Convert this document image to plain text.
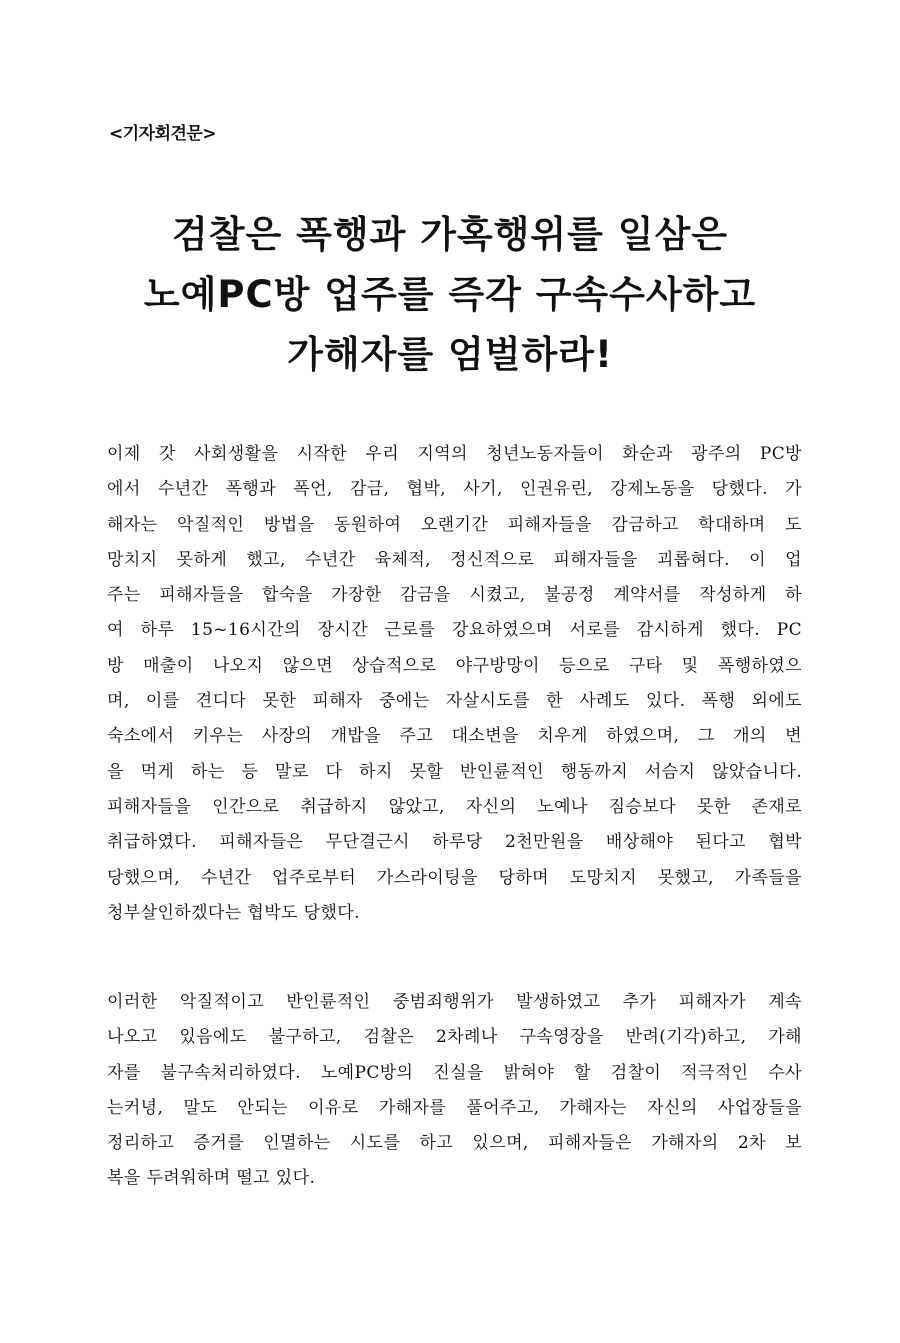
<기자회견문>
검찰은 폭행과 가혹행위를 일삼은
노예PC방 업주를 즉각 구속수사하고
가해자를 엄벌하라!
이제 갓 사회생활을 시작한 우리 지역의 청년노동자들이 화순과 광주의 PC방
에서 수년간 폭행과 폭언, 감금, 협박, 사기, 인권유린, 강제노동을 당했다. 가
해자는 악질적인 방법을 동원하여 오랜기간 피해자들을 감금하고 학대하며 도
망치지 못하게 했고, 수년간 육체적, 정신적으로 피해자들을 괴롭혀다. 이 업
주는 피해자들을 합숙을 가장한 감금을 시켰고, 불공정 계약서를 작성하게 하
여 하루 15~16시간의 장시간 근로를 강요하였으며 서로를 감시하게 했다. PC
방 매출이 나오지 않으면 상습적으로 야구방망이 등으로 구타 및 폭행하였으
며, 이를 견디다 못한 피해자 중에는 자살시도를 한 사례도 있다. 폭행 외에도
숙소에서 키우는 사장의 개밥을 주고 대소변을 치우게 하였으며, 그 개의 변
을 먹게 하는 등 말로 다 하지 못할 반인륜적인 행동까지 서슴지 않았습니다.
피해자들을 인간으로 취급하지 않았고, 자신의 노예나 짐승보다 못한 존재로
취급하였다. 피해자들은 무단결근시 하루당 2천만원을 배상해야 된다고 협박
당했으며, 수년간 업주로부터 가스라이팅을 당하며 도망치지 못했고, 가족들을
청부살인하겠다는 협박도 당했다.
이러한 악질적이고 반인륜적인 중범죄행위가 발생하였고 추가 피해자가 계속
나오고 있음에도 불구하고, 검찰은 2차례나 구속영장을 반려(기각)하고, 가해
자를 불구속처리하였다. 노예PC방의 진실을 밝혀야 할 검찰이 적극적인 수사
는커녕, 말도 안되는 이유로 가해자를 풀어주고, 가해자는 자신의 사업장들을
정리하고 증거를 인멸하는 시도를 하고 있으며, 피해자들은 가해자의 2차 보
복을 두려워하며 떨고 있다.
